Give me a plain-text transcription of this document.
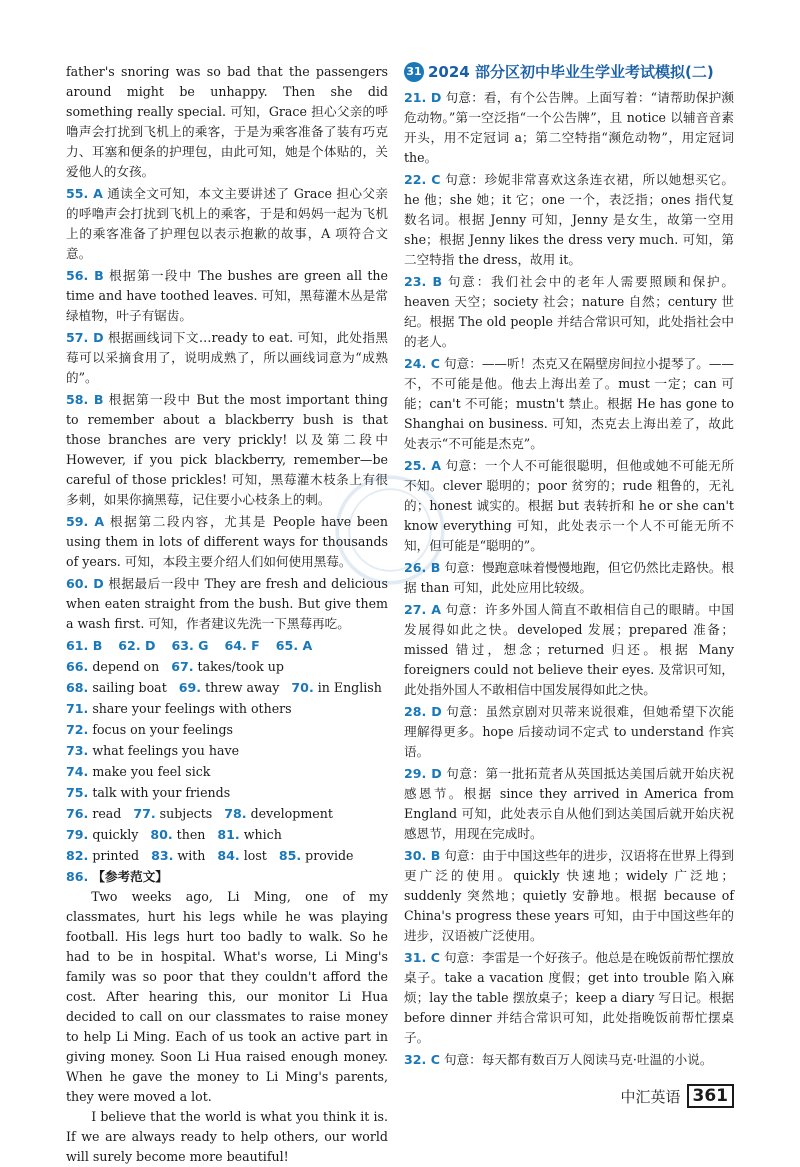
father's snoring was so bad that the passengers around might be unhappy. Then she did something really special. 可知，Grace 担心父亲的呼噜声会打扰到飞机上的乘客，于是为乘客准备了装有巧克力、耳塞和便条的护理包，由此可知，她是个体贴的，关爱他人的女孩。

55. A 通读全文可知，本文主要讲述了 Grace 担心父亲的呼噜声会打扰到飞机上的乘客，于是和妈妈一起为飞机上的乘客准备了护理包以表示抱歉的故事，A 项符合文意。

56. B 根据第一段中 The bushes are green all the time and have toothed leaves. 可知，黑莓灌木丛是常绿植物，叶子有锯齿。

57. D 根据画线词下文…ready to eat. 可知，此处指黑莓可以采摘食用了，说明成熟了，所以画线词意为“成熟的”。

58. B 根据第一段中 But the most important thing to remember about a blackberry bush is that those branches are very prickly! 以及第二段中 However, if you pick blackberry, remember—be careful of those prickles! 可知，黑莓灌木枝条上有很多刺，如果你摘黑莓，记住要小心枝条上的刺。

59. A 根据第二段内容，尤其是 People have been using them in lots of different ways for thousands of years. 可知，本段主要介绍人们如何使用黑莓。

60. D 根据最后一段中 They are fresh and delicious when eaten straight from the bush. But give them a wash first. 可知，作者建议先洗一下黑莓再吃。

61. B 62. D 63. G 64. F 65. A
66. depend on 67. takes/took up
68. sailing boat 69. threw away 70. in English
71. share your feelings with others
72. focus on your feelings
73. what feelings you have
74. make you feel sick
75. talk with your friends
76. read 77. subjects 78. development
79. quickly 80. then 81. which
82. printed 83. with 84. lost 85. provide
86. 【参考范文】

Two weeks ago, Li Ming, one of my classmates, hurt his legs while he was playing football. His legs hurt too badly to walk. So he had to be in hospital. What's worse, Li Ming's family was so poor that they couldn't afford the cost. After hearing this, our monitor Li Hua decided to call on our classmates to raise money to help Li Ming. Each of us took an active part in giving money. Soon Li Hua raised enough money. When he gave the money to Li Ming's parents, they were moved a lot.

I believe that the world is what you think it is. If we are always ready to help others, our world will surely become more beautiful!

31 2024 部分区初中毕业生学业考试模拟(二)

21. D 句意：看，有个公告牌。上面写着：“请帮助保护濒危动物。”第一空泛指“一个公告牌”，且 notice 以辅音音素开头，用不定冠词 a；第二空特指“濒危动物”，用定冠词 the。

22. C 句意：珍妮非常喜欢这条连衣裙，所以她想买它。he 他；she 她；it 它；one 一个，表泛指；ones 指代复数名词。根据 Jenny 可知，Jenny 是女生，故第一空用 she；根据 Jenny likes the dress very much. 可知，第二空特指 the dress，故用 it。

23. B 句意：我们社会中的老年人需要照顾和保护。heaven 天空；society 社会；nature 自然；century 世纪。根据 The old people 并结合常识可知，此处指社会中的老人。

24. C 句意：——听！杰克又在隔壁房间拉小提琴了。——不，不可能是他。他去上海出差了。must 一定；can 可能；can't 不可能；mustn't 禁止。根据 He has gone to Shanghai on business. 可知，杰克去上海出差了，故此处表示“不可能是杰克”。

25. A 句意：一个人不可能很聪明，但他或她不可能无所不知。clever 聪明的；poor 贫穷的；rude 粗鲁的，无礼的；honest 诚实的。根据 but 表转折和 he or she can't know everything 可知，此处表示一个人不可能无所不知，但可能是“聪明的”。

26. B 句意：慢跑意味着慢慢地跑，但它仍然比走路快。根据 than 可知，此处应用比较级。

27. A 句意：许多外国人简直不敢相信自己的眼睛。中国发展得如此之快。developed 发展；prepared 准备；missed 错过，想念；returned 归还。根据 Many foreigners could not believe their eyes. 及常识可知，此处指外国人不敢相信中国发展得如此之快。

28. D 句意：虽然京剧对贝蒂来说很难，但她希望下次能理解得更多。hope 后接动词不定式 to understand 作宾语。

29. D 句意：第一批拓荒者从英国抵达美国后就开始庆祝感恩节。根据 since they arrived in America from England 可知，此处表示自从他们到达美国后就开始庆祝感恩节，用现在完成时。

30. B 句意：由于中国这些年的进步，汉语将在世界上得到更广泛的使用。quickly 快速地；widely 广泛地；suddenly 突然地；quietly 安静地。根据 because of China's progress these years 可知，由于中国这些年的进步，汉语被广泛使用。

31. C 句意：李雷是一个好孩子。他总是在晚饭前帮忙摆放桌子。take a vacation 度假；get into trouble 陷入麻烦；lay the table 摆放桌子；keep a diary 写日记。根据 before dinner 并结合常识可知，此处指晚饭前帮忙摆桌子。

32. C 句意：每天都有数百万人阅读马克·吐温的小说。

中汇英语 361
